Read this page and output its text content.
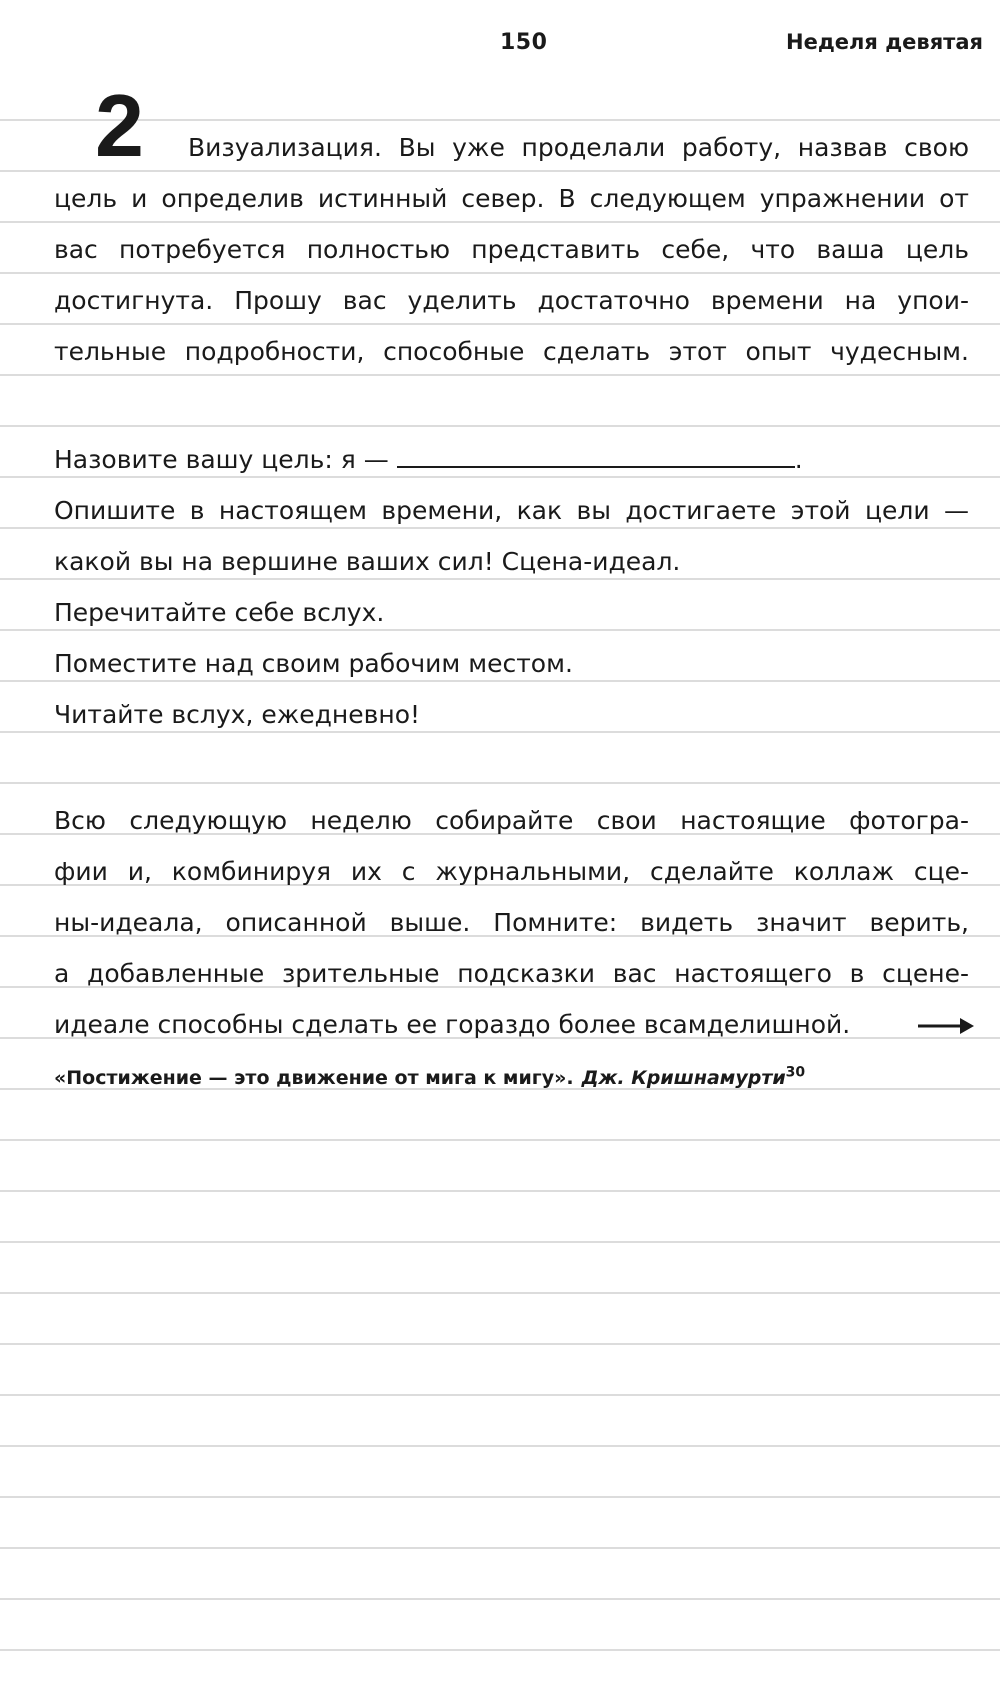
150	Неделя девятая
2 Визуализация. Вы уже проделали работу, назвав свою
цель и определив истинный север. В следующем упражнении от
вас потребуется полностью представить себе, что ваша цель
достигнута. Прошу вас уделить достаточно времени на упои-
тельные подробности, способные сделать этот опыт чудесным.
Назовите вашу цель: я —	.
Опишите в настоящем времени, как вы достигаете этой цели —
какой вы на вершине ваших сил! Сцена-идеал.
Перечитайте себе вслух.
Поместите над своим рабочим местом.
Читайте вслух, ежедневно!
Всю следующую неделю собирайте свои настоящие фотогра-
фии и, комбинируя их с журнальными, сделайте коллаж сце-
ны-идеала, описанной выше. Помните: видеть значит верить,
а добавленные зрительные подсказки вас настоящего в сцене-
идеале способны сделать ее гораздо более всамделишной.
«Постижение — это движение от мига к мигу». Дж. Кришнамурти$^{30}$
